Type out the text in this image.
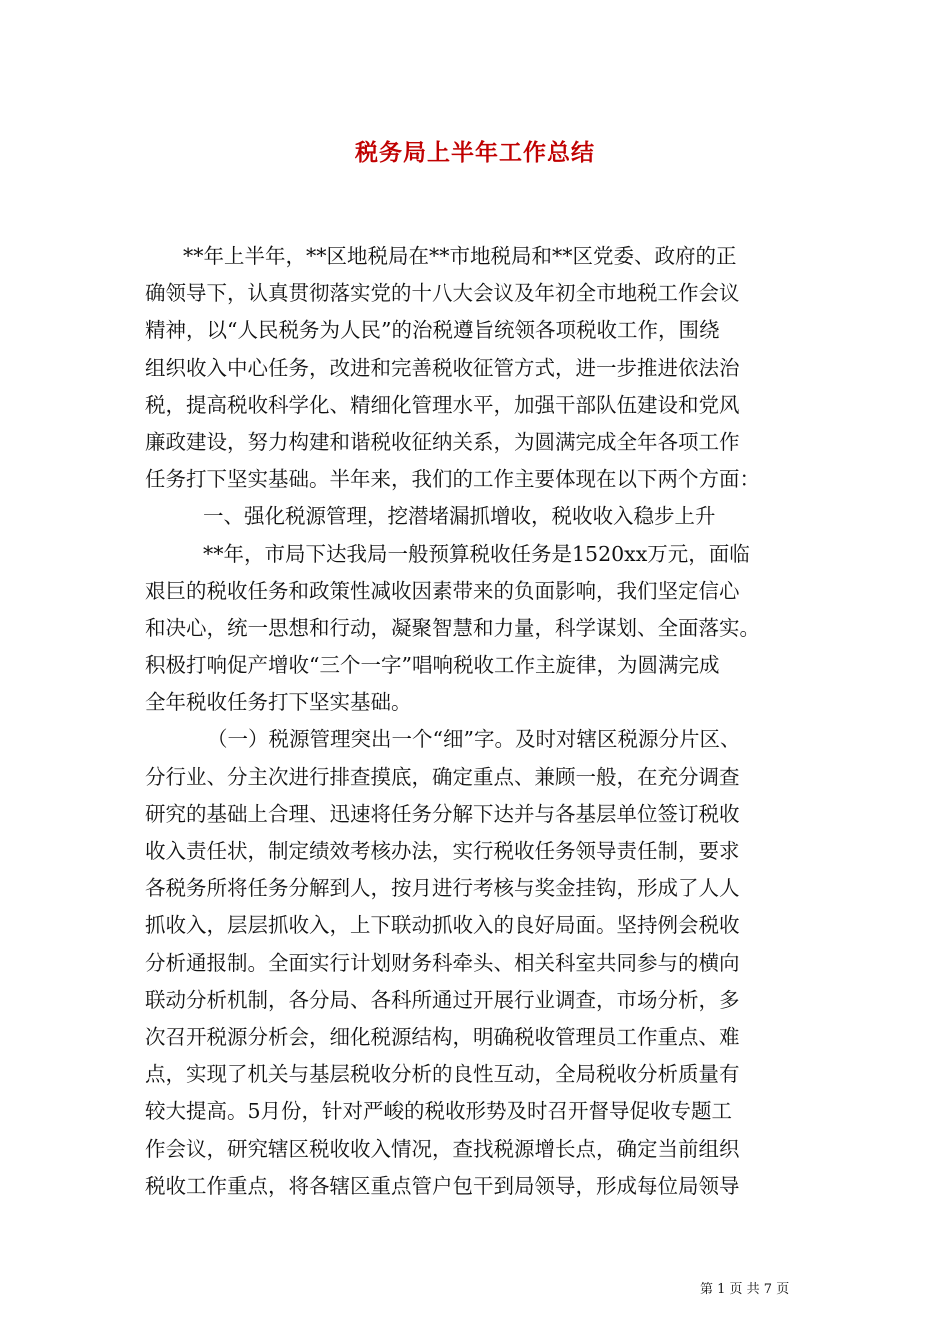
税务局上半年工作总结
**年上半年，**区地税局在**市地税局和**区党委、政府的正
确领导下，认真贯彻落实党的十八大会议及年初全市地税工作会议
精神，以“人民税务为人民”的治税遵旨统领各项税收工作，围绕
组织收入中心任务，改进和完善税收征管方式，进一步推进依法治
税，提高税收科学化、精细化管理水平，加强干部队伍建设和党风
廉政建设，努力构建和谐税收征纳关系，为圆满完成全年各项工作
任务打下坚实基础。半年来，我们的工作主要体现在以下两个方面：
一、强化税源管理，挖潜堵漏抓增收，税收收入稳步上升
**年，市局下达我局一般预算税收任务是1520xx万元，面临
艰巨的税收任务和政策性减收因素带来的负面影响，我们坚定信心
和决心，统一思想和行动，凝聚智慧和力量，科学谋划、全面落实。
积极打响促产增收“三个一字”唱响税收工作主旋律，为圆满完成
全年税收任务打下坚实基础。
（一）税源管理突出一个“细”字。及时对辖区税源分片区、
分行业、分主次进行排查摸底，确定重点、兼顾一般，在充分调查
研究的基础上合理、迅速将任务分解下达并与各基层单位签订税收
收入责任状，制定绩效考核办法，实行税收任务领导责任制，要求
各税务所将任务分解到人，按月进行考核与奖金挂钩，形成了人人
抓收入，层层抓收入，上下联动抓收入的良好局面。坚持例会税收
分析通报制。全面实行计划财务科牵头、相关科室共同参与的横向
联动分析机制，各分局、各科所通过开展行业调查，市场分析，多
次召开税源分析会，细化税源结构，明确税收管理员工作重点、难
点，实现了机关与基层税收分析的良性互动，全局税收分析质量有
较大提高。5月份，针对严峻的税收形势及时召开督导促收专题工
作会议，研究辖区税收收入情况，查找税源增长点，确定当前组织
税收工作重点，将各辖区重点管户包干到局领导，形成每位局领导
第 1 页 共 7 页
